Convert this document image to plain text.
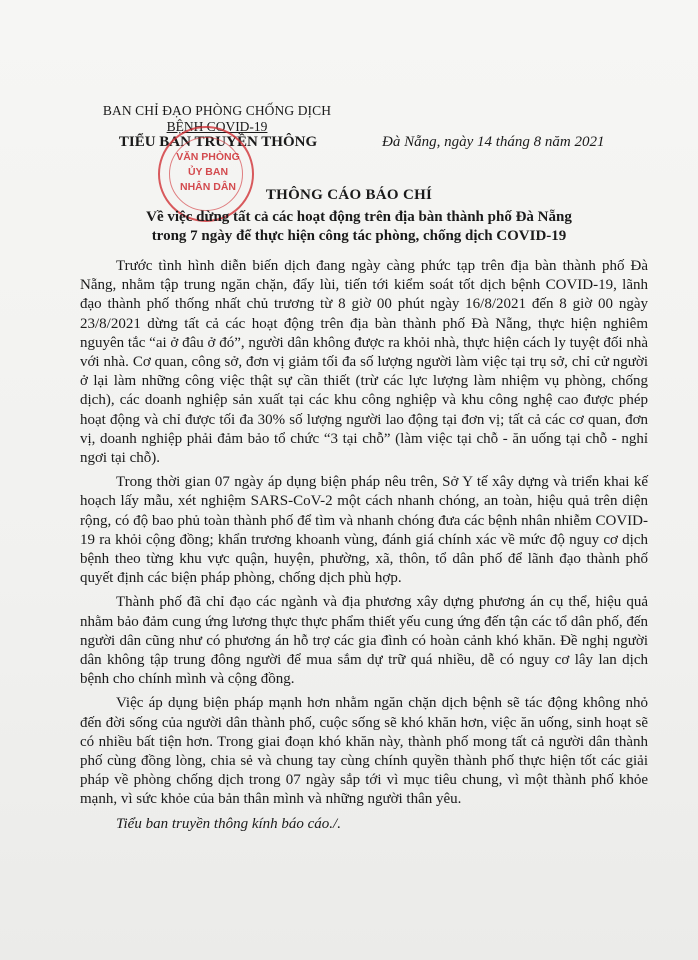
BAN CHỈ ĐẠO PHÒNG CHỐNG DỊCH
BỆNH COVID-19
TIỂU BAN TRUYỀN THÔNG	Đà Nẵng, ngày 14 tháng 8 năm 2021
VĂN PHÒNG
ỦY BAN
NHÂN DÂN	THÔNG CÁO BÁO CHÍ
Về việc dừng tất cả các hoạt động trên địa bàn thành phố Đà Nẵng
trong 7 ngày để thực hiện công tác phòng, chống dịch COVID-19

Trước tình hình diễn biến dịch đang ngày càng phức tạp trên địa bàn thành phố Đà Nẵng, nhằm tập trung ngăn chặn, đẩy lùi, tiến tới kiểm soát tốt dịch bệnh COVID-19, lãnh đạo thành phố thống nhất chủ trương từ 8 giờ 00 phút ngày 16/8/2021 đến 8 giờ 00 ngày 23/8/2021 dừng tất cả các hoạt động trên địa bàn thành phố Đà Nẵng, thực hiện nghiêm nguyên tắc “ai ở đâu ở đó”, người dân không được ra khỏi nhà, thực hiện cách ly tuyệt đối nhà với nhà. Cơ quan, công sở, đơn vị giảm tối đa số lượng người làm việc tại trụ sở, chỉ cử người ở lại làm những công việc thật sự cần thiết (trừ các lực lượng làm nhiệm vụ phòng, chống dịch), các doanh nghiệp sản xuất tại các khu công nghiệp và khu công nghệ cao được phép hoạt động và chỉ được tối đa 30% số lượng người lao động tại đơn vị; tất cả các cơ quan, đơn vị, doanh nghiệp phải đảm bảo tổ chức “3 tại chỗ” (làm việc tại chỗ - ăn uống tại chỗ - nghỉ ngơi tại chỗ).

Trong thời gian 07 ngày áp dụng biện pháp nêu trên, Sở Y tế xây dựng và triển khai kế hoạch lấy mẫu, xét nghiệm SARS-CoV-2 một cách nhanh chóng, an toàn, hiệu quả trên diện rộng, có độ bao phủ toàn thành phố để tìm và nhanh chóng đưa các bệnh nhân nhiễm COVID-19 ra khỏi cộng đồng; khẩn trương khoanh vùng, đánh giá chính xác về mức độ nguy cơ dịch bệnh theo từng khu vực quận, huyện, phường, xã, thôn, tổ dân phố để lãnh đạo thành phố quyết định các biện pháp phòng, chống dịch phù hợp.

Thành phố đã chỉ đạo các ngành và địa phương xây dựng phương án cụ thể, hiệu quả nhằm bảo đảm cung ứng lương thực thực phẩm thiết yếu cung ứng đến tận các tổ dân phố, đến người dân cũng như có phương án hỗ trợ các gia đình có hoàn cảnh khó khăn. Đề nghị người dân không tập trung đông người để mua sắm dự trữ quá nhiều, dễ có nguy cơ lây lan dịch bệnh cho chính mình và cộng đồng.

Việc áp dụng biện pháp mạnh hơn nhằm ngăn chặn dịch bệnh sẽ tác động không nhỏ đến đời sống của người dân thành phố, cuộc sống sẽ khó khăn hơn, việc ăn uống, sinh hoạt sẽ có nhiều bất tiện hơn. Trong giai đoạn khó khăn này, thành phố mong tất cả người dân thành phố cùng đồng lòng, chia sẻ và chung tay cùng chính quyền thành phố thực hiện tốt các giải pháp về phòng chống dịch trong 07 ngày sắp tới vì mục tiêu chung, vì một thành phố khỏe mạnh, vì sức khỏe của bản thân mình và những người thân yêu.

Tiểu ban truyền thông kính báo cáo./.
